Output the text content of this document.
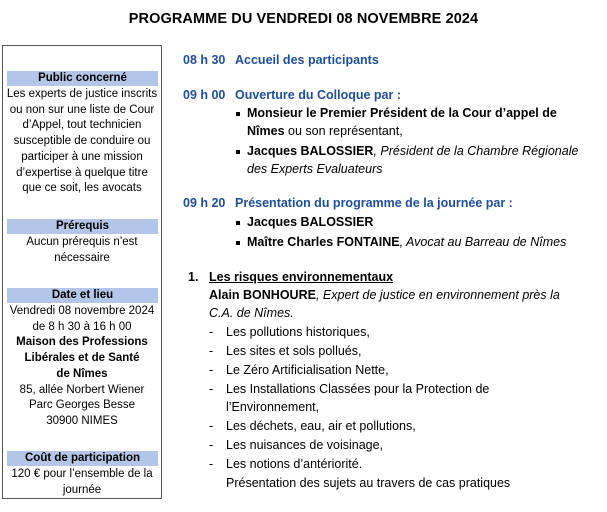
PROGRAMME DU VENDREDI 08 NOVEMBRE 2024
Public concerné
Les experts de justice inscrits
ou non sur une liste de Cour
d’Appel, tout technicien
susceptible de conduire ou
participer à une mission
d’expertise à quelque titre
que ce soit, les avocats
Prérequis
Aucun prérequis n’est
nécessaire
Date et lieu
Vendredi 08 novembre 2024
de 8 h 30 à 16 h 00
Maison des Professions
Libérales et de Santé
de Nîmes
85, allée Norbert Wiener
Parc Georges Besse
30900 NIMES
Coût de participation
120 € pour l’ensemble de la
journée
08 h 30 Accueil des participants
09 h 00 Ouverture du Colloque par :
Monsieur le Premier Président de la Cour d’appel de
Nîmes ou son représentant,
Jacques BALOSSIER, Président de la Chambre Régionale
des Experts Evaluateurs
09 h 20 Présentation du programme de la journée par :
Jacques BALOSSIER
Maître Charles FONTAINE, Avocat au Barreau de Nîmes
1. Les risques environnementaux
Alain BONHOURE, Expert de justice en environnement près la
C.A. de Nîmes.
- Les pollutions historiques,
- Les sites et sols pollués,
- Le Zéro Artificialisation Nette,
- Les Installations Classées pour la Protection de
l’Environnement,
- Les déchets, eau, air et pollutions,
- Les nuisances de voisinage,
- Les notions d’antériorité.
Présentation des sujets au travers de cas pratiques
